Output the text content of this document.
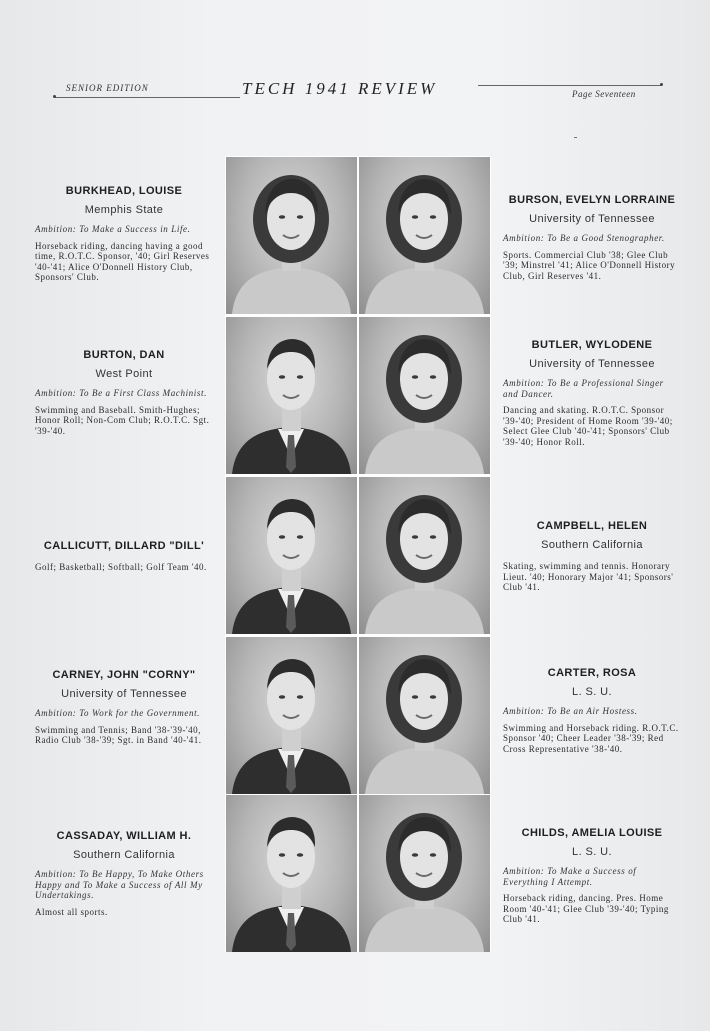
SENIOR EDITION	TECH 1941 REVIEW	Page Seventeen
BURKHEAD, LOUISE
Memphis State
Ambition: To Make a Success in Life.
Horseback riding, dancing having a good time, R.O.T.C. Sponsor, '40; Girl Reserves '40-'41; Alice O'Donnell History Club, Sponsors' Club.
BURTON, DAN
West Point
Ambition: To Be a First Class Machinist.
Swimming and Baseball. Smith-Hughes; Honor Roll; Non-Com Club; R.O.T.C. Sgt. '39-'40.
CALLICUTT, DILLARD "DILL'
Golf; Basketball; Softball; Golf Team '40.
CARNEY, JOHN "CORNY"
University of Tennessee
Ambition: To Work for the Government.
Swimming and Tennis; Band '38-'39-'40, Radio Club '38-'39; Sgt. in Band '40-'41.
CASSADAY, WILLIAM H.
Southern California
Ambition: To Be Happy, To Make Others Happy and To Make a Success of All My Undertakings.
Almost all sports.
BURSON, EVELYN LORRAINE
University of Tennessee
Ambition: To Be a Good Stenographer.
Sports. Commercial Club '38; Glee Club '39; Minstrel '41; Alice O'Donnell History Club, Girl Reserves '41.
BUTLER, WYLODENE
University of Tennessee
Ambition: To Be a Professional Singer and Dancer.
Dancing and skating. R.O.T.C. Sponsor '39-'40; President of Home Room '39-'40; Select Glee Club '40-'41; Sponsors' Club '39-'40; Honor Roll.
CAMPBELL, HELEN
Southern California
Skating, swimming and tennis. Honorary Lieut. '40; Honorary Major '41; Sponsors' Club '41.
CARTER, ROSA
L. S. U.
Ambition: To Be an Air Hostess.
Swimming and Horseback riding. R.O.T.C. Sponsor '40; Cheer Leader '38-'39; Red Cross Representative '38-'40.
CHILDS, AMELIA LOUISE
L. S. U.
Ambition: To Make a Success of Everything I Attempt.
Horseback riding, dancing. Pres. Home Room '40-'41; Glee Club '39-'40; Typing Club '41.
